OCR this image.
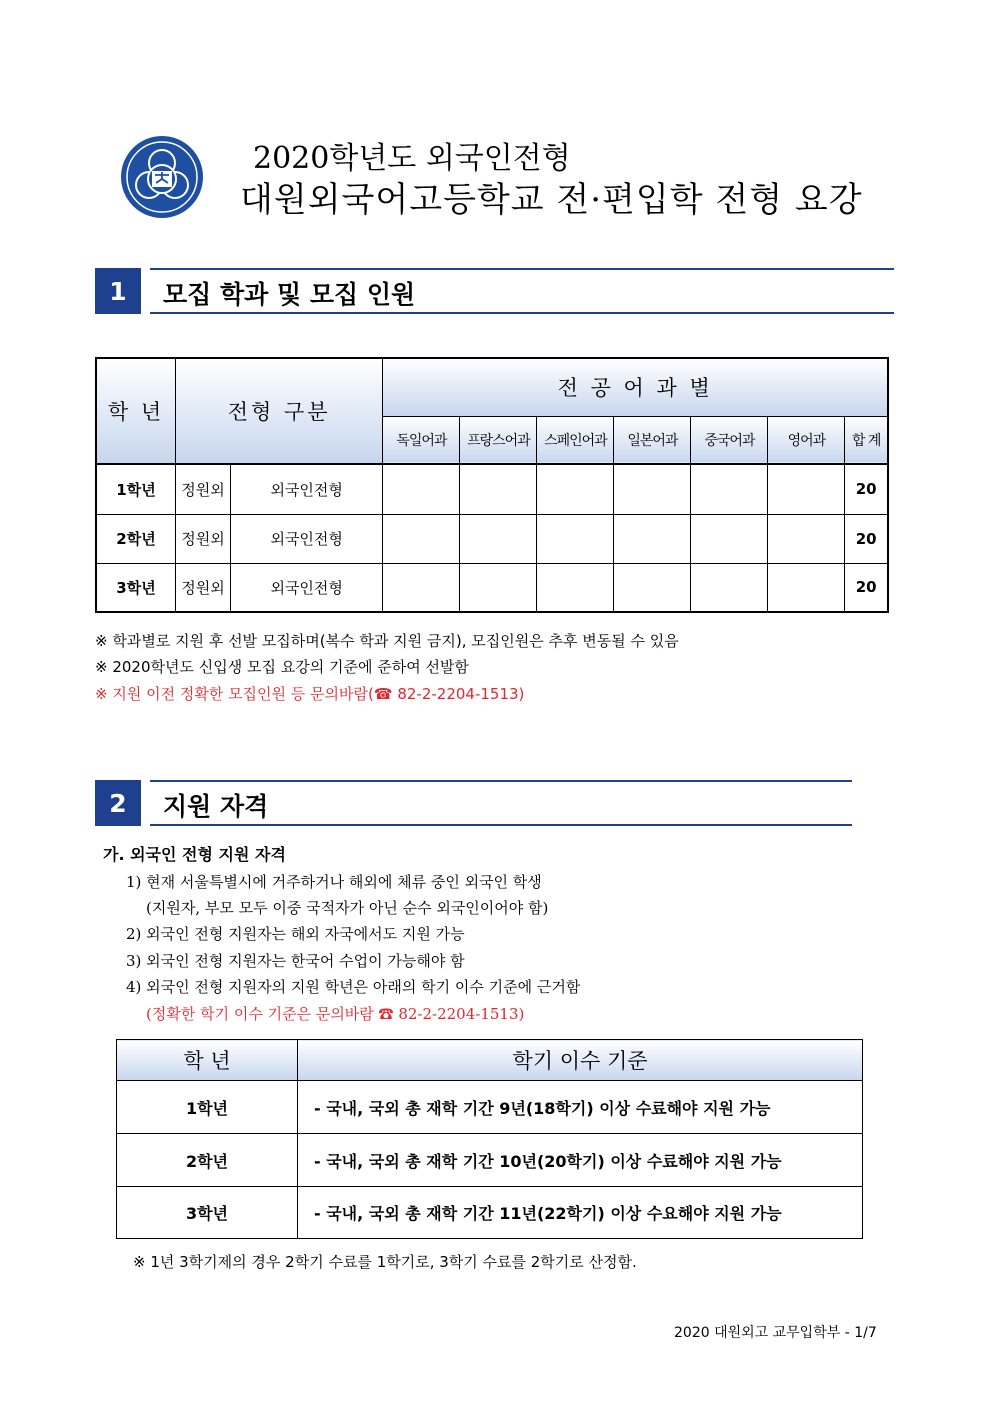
2020학년도 외국인전형
대원외국어고등학교 전·편입학 전형 요강
1	모집 학과 및 모집 인원
학 년	전형 구분		전 공 어 과 별						
			독일어과	프랑스어과	스페인어과	일본어과	중국어과	영어과	합 계
1학년	정원외	외국인전형							20
2학년	정원외	외국인전형							20
3학년	정원외	외국인전형							20
※ 학과별로 지원 후 선발 모집하며(복수 학과 지원 금지), 모집인원은 추후 변동될 수 있음
※ 2020학년도 신입생 모집 요강의 기준에 준하여 선발함
※ 지원 이전 정확한 모집인원 등 문의바람(☎ 82-2-2204-1513)
2	지원 자격
가. 외국인 전형 지원 자격
1) 현재 서울특별시에 거주하거나 해외에 체류 중인 외국인 학생
(지원자, 부모 모두 이중 국적자가 아닌 순수 외국인이어야 함)
2) 외국인 전형 지원자는 해외 자국에서도 지원 가능
3) 외국인 전형 지원자는 한국어 수업이 가능해야 함
4) 외국인 전형 지원자의 지원 학년은 아래의 학기 이수 기준에 근거함
(정확한 학기 이수 기준은 문의바람 ☎ 82-2-2204-1513)
학 년	학기 이수 기준
1학년	- 국내, 국외 총 재학 기간 9년(18학기) 이상 수료해야 지원 가능
2학년	- 국내, 국외 총 재학 기간 10년(20학기) 이상 수료해야 지원 가능
3학년	- 국내, 국외 총 재학 기간 11년(22학기) 이상 수요해야 지원 가능
※ 1년 3학기제의 경우 2학기 수료를 1학기로, 3학기 수료를 2학기로 산정함.
2020 대원외고 교무입학부 - 1/7
